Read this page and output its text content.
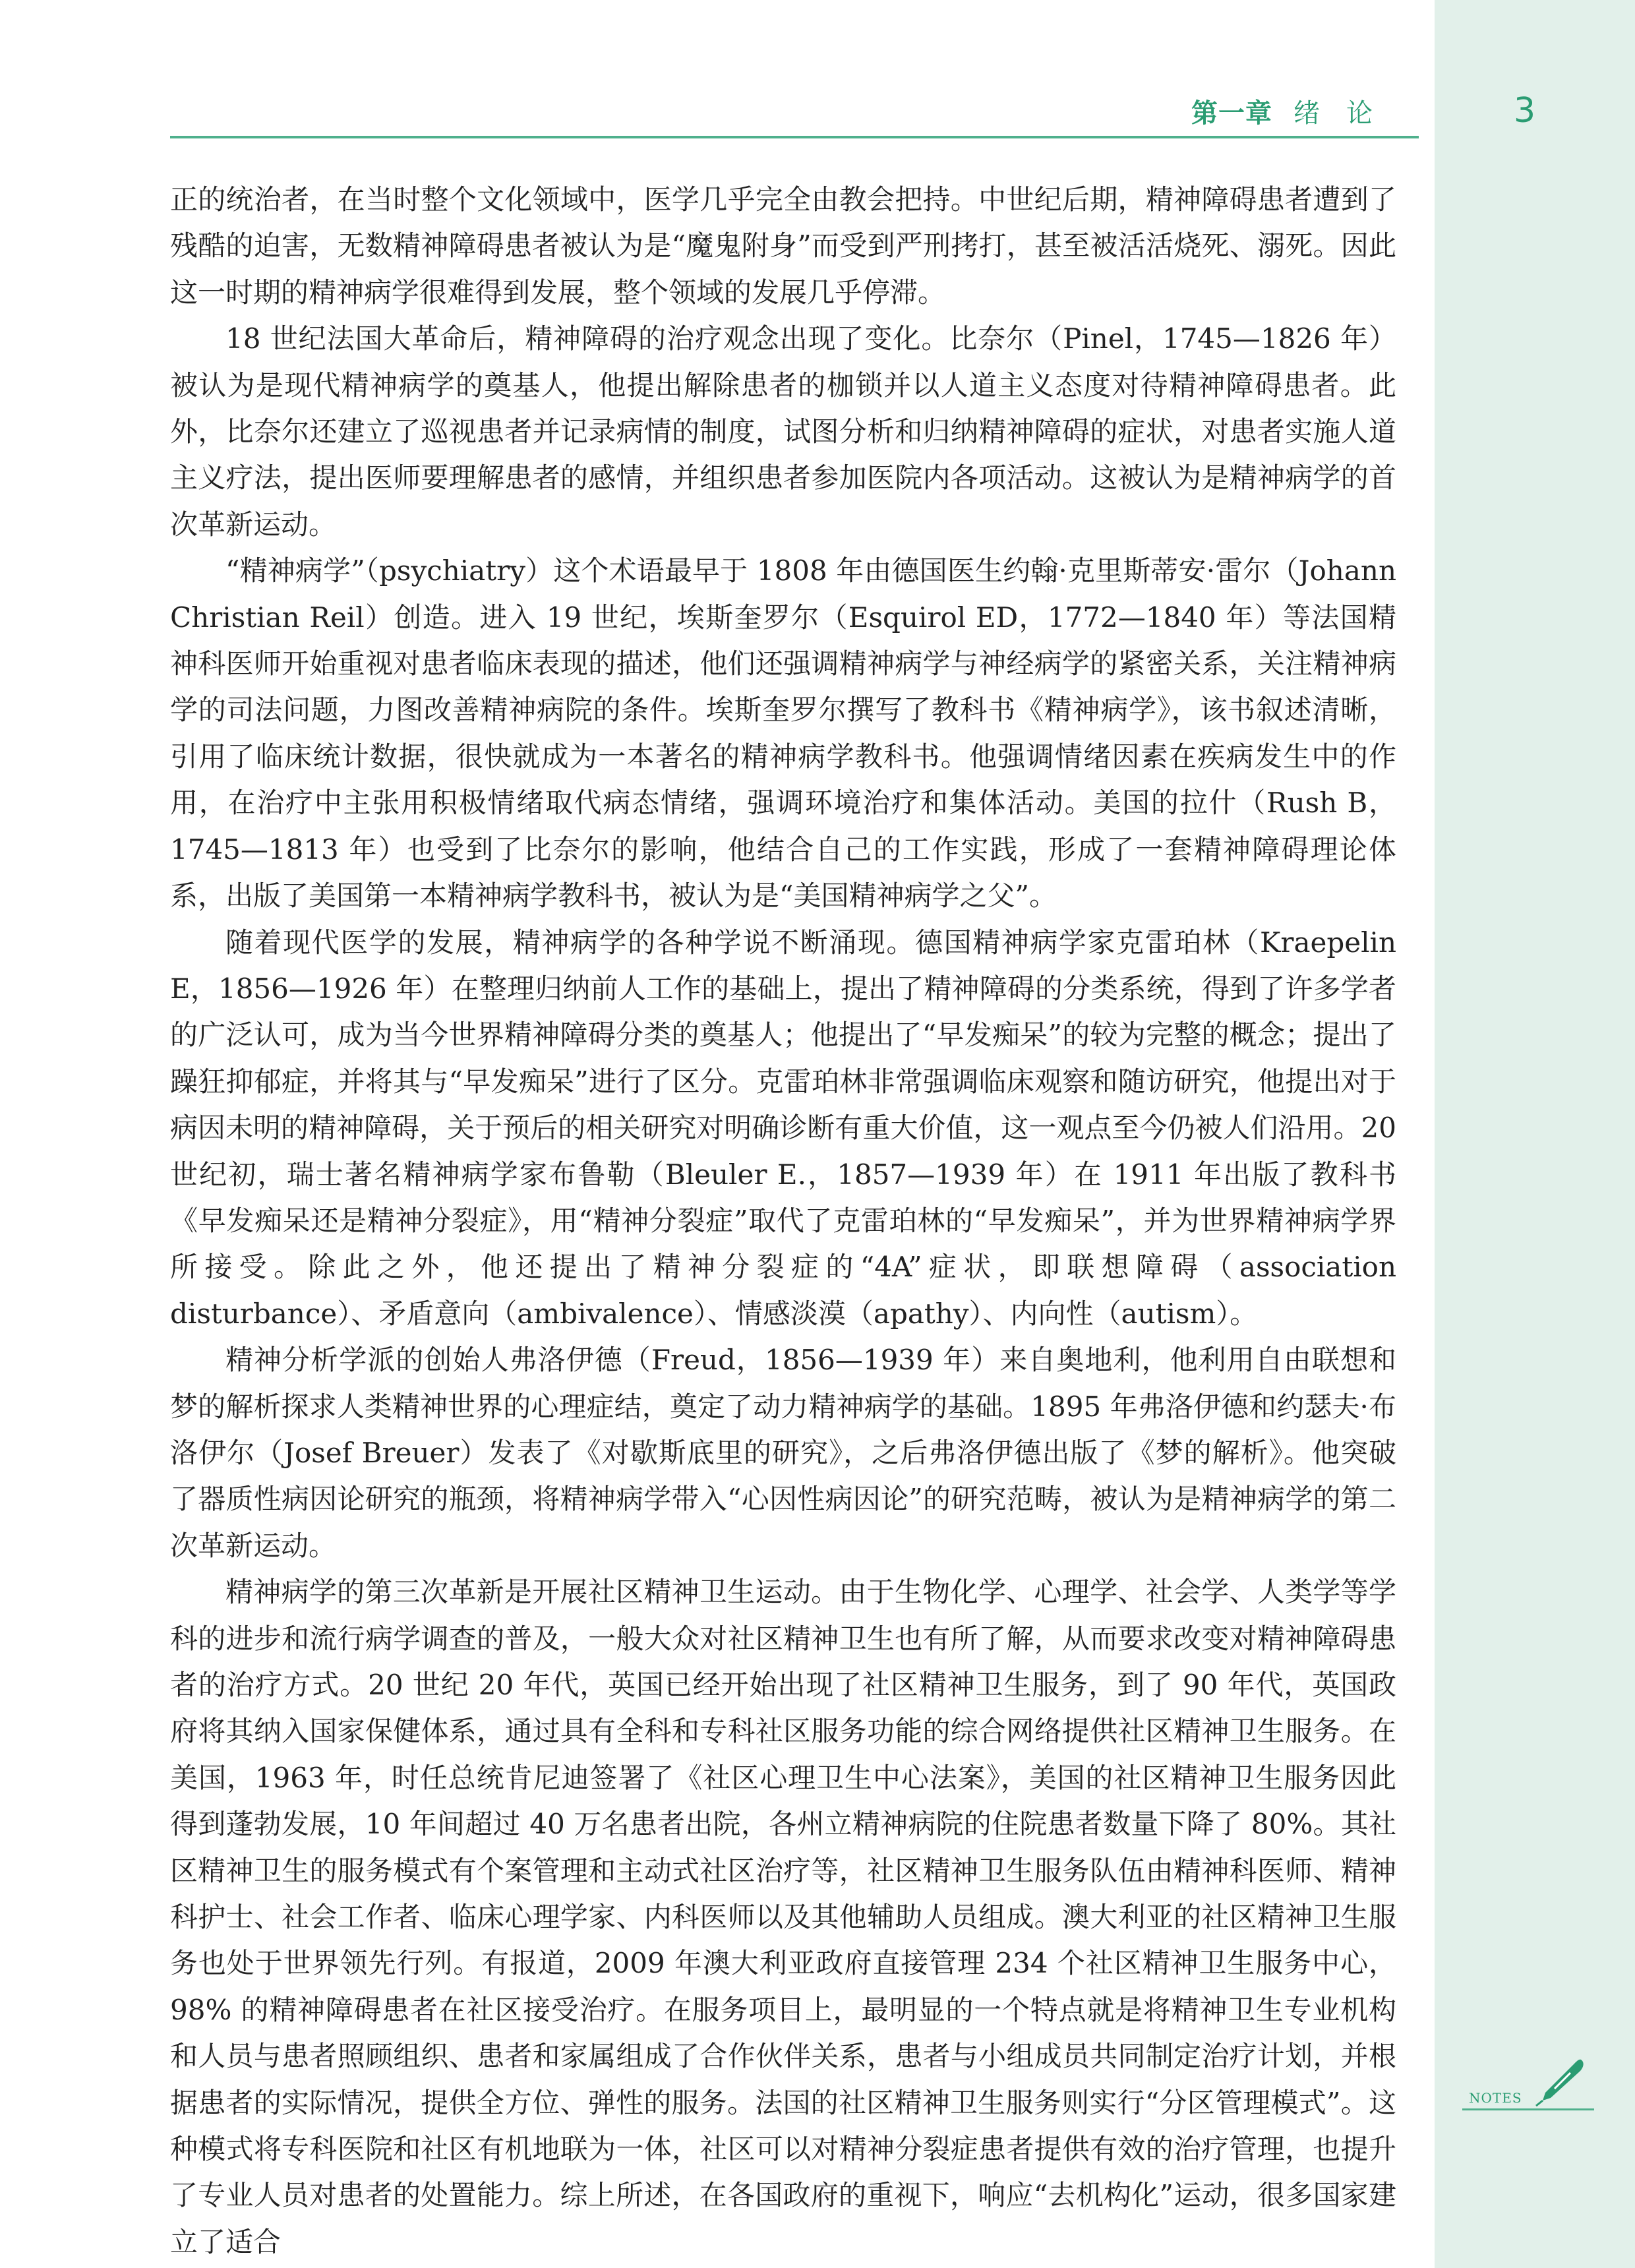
第一章 绪论	3

正的统治者，在当时整个文化领域中，医学几乎完全由教会把持。中世纪后期，精神障碍患者遭到了残酷的迫害，无数精神障碍患者被认为是“魔鬼附身”而受到严刑拷打，甚至被活活烧死、溺死。因此这一时期的精神病学很难得到发展，整个领域的发展几乎停滞。

18 世纪法国大革命后，精神障碍的治疗观念出现了变化。比奈尔（Pinel，1745—1826 年）被认为是现代精神病学的奠基人，他提出解除患者的枷锁并以人道主义态度对待精神障碍患者。此外，比奈尔还建立了巡视患者并记录病情的制度，试图分析和归纳精神障碍的症状，对患者实施人道主义疗法，提出医师要理解患者的感情，并组织患者参加医院内各项活动。这被认为是精神病学的首次革新运动。

“精神病学”（psychiatry）这个术语最早于 1808 年由德国医生约翰·克里斯蒂安·雷尔（Johann Christian Reil）创造。进入 19 世纪，埃斯奎罗尔（Esquirol ED，1772—1840 年）等法国精神科医师开始重视对患者临床表现的描述，他们还强调精神病学与神经病学的紧密关系，关注精神病学的司法问题，力图改善精神病院的条件。埃斯奎罗尔撰写了教科书《精神病学》，该书叙述清晰，引用了临床统计数据，很快就成为一本著名的精神病学教科书。他强调情绪因素在疾病发生中的作用，在治疗中主张用积极情绪取代病态情绪，强调环境治疗和集体活动。美国的拉什（Rush B，1745—1813 年）也受到了比奈尔的影响，他结合自己的工作实践，形成了一套精神障碍理论体系，出版了美国第一本精神病学教科书，被认为是“美国精神病学之父”。

随着现代医学的发展，精神病学的各种学说不断涌现。德国精神病学家克雷珀林（Kraepelin E，1856—1926 年）在整理归纳前人工作的基础上，提出了精神障碍的分类系统，得到了许多学者的广泛认可，成为当今世界精神障碍分类的奠基人；他提出了“早发痴呆”的较为完整的概念；提出了躁狂抑郁症，并将其与“早发痴呆”进行了区分。克雷珀林非常强调临床观察和随访研究，他提出对于病因未明的精神障碍，关于预后的相关研究对明确诊断有重大价值，这一观点至今仍被人们沿用。20 世纪初，瑞士著名精神病学家布鲁勒（Bleuler E.，1857—1939 年）在 1911 年出版了教科书《早发痴呆还是精神分裂症》，用“精神分裂症”取代了克雷珀林的“早发痴呆”，并为世界精神病学界所接受。除此之外，他还提出了精神分裂症的“4A”症状，即联想障碍（association disturbance）、矛盾意向（ambivalence）、情感淡漠（apathy）、内向性（autism）。

精神分析学派的创始人弗洛伊德（Freud，1856—1939 年）来自奥地利，他利用自由联想和梦的解析探求人类精神世界的心理症结，奠定了动力精神病学的基础。1895 年弗洛伊德和约瑟夫·布洛伊尔（Josef Breuer）发表了《对歇斯底里的研究》，之后弗洛伊德出版了《梦的解析》。他突破了器质性病因论研究的瓶颈，将精神病学带入“心因性病因论”的研究范畴，被认为是精神病学的第二次革新运动。

精神病学的第三次革新是开展社区精神卫生运动。由于生物化学、心理学、社会学、人类学等学科的进步和流行病学调查的普及，一般大众对社区精神卫生也有所了解，从而要求改变对精神障碍患者的治疗方式。20 世纪 20 年代，英国已经开始出现了社区精神卫生服务，到了 90 年代，英国政府将其纳入国家保健体系，通过具有全科和专科社区服务功能的综合网络提供社区精神卫生服务。在美国，1963 年，时任总统肯尼迪签署了《社区心理卫生中心法案》，美国的社区精神卫生服务因此得到蓬勃发展，10 年间超过 40 万名患者出院，各州立精神病院的住院患者数量下降了 80%。其社区精神卫生的服务模式有个案管理和主动式社区治疗等，社区精神卫生服务队伍由精神科医师、精神科护士、社会工作者、临床心理学家、内科医师以及其他辅助人员组成。澳大利亚的社区精神卫生服务也处于世界领先行列。有报道，2009 年澳大利亚政府直接管理 234 个社区精神卫生服务中心，98% 的精神障碍患者在社区接受治疗。在服务项目上，最明显的一个特点就是将精神卫生专业机构和人员与患者照顾组织、患者和家属组成了合作伙伴关系，患者与小组成员共同制定治疗计划，并根据患者的实际情况，提供全方位、弹性的服务。法国的社区精神卫生服务则实行“分区管理模式”。这种模式将专科医院和社区有机地联为一体，社区可以对精神分裂症患者提供有效的治疗管理，也提升了专业人员对患者的处置能力。综上所述，在各国政府的重视下，响应“去机构化”运动，很多国家建立了适合

NOTES
